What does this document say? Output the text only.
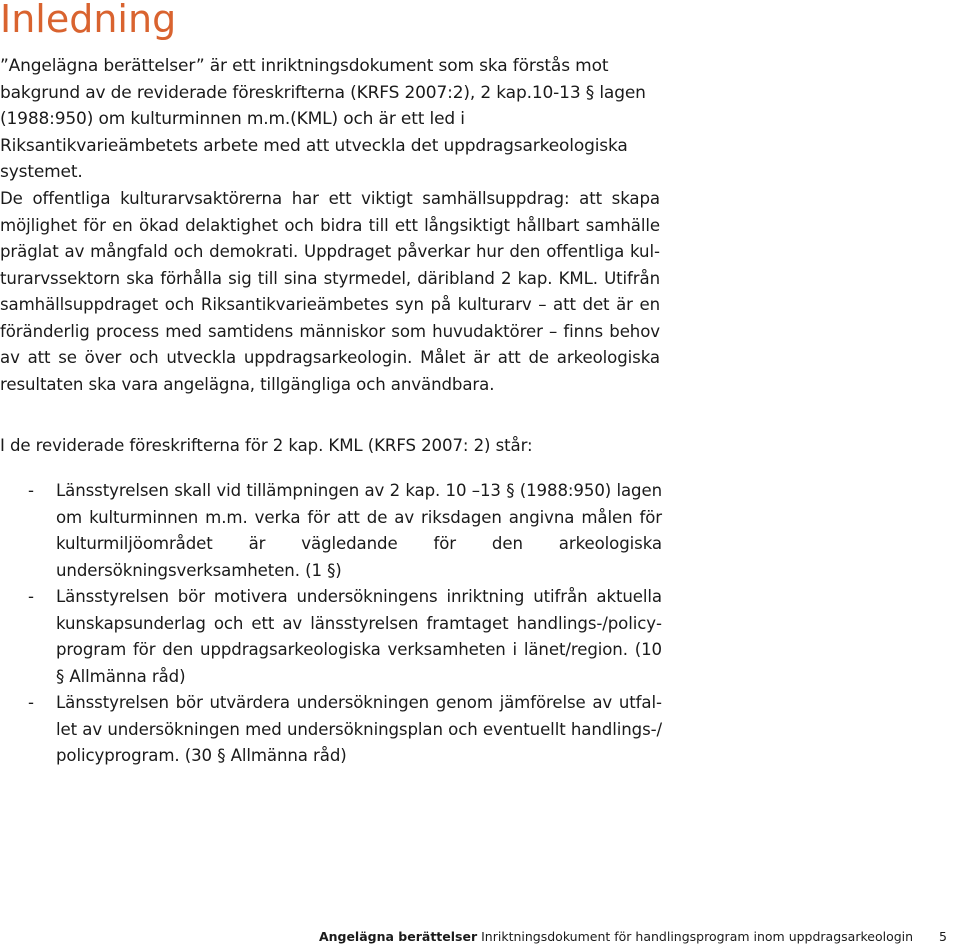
Inledning

”Angelägna berättelser” är ett inriktningsdokument som ska förstås mot bakgrund av de reviderade föreskrifterna (KRFS 2007:2), 2 kap.10-13 § lagen (1988:950) om kulturminnen m.m.(KML) och är ett led i Riksantikvarieämbetets arbete med att utveckla det uppdragsarkeologiska systemet.

De offentliga kulturarvsaktörerna har ett viktigt samhällsuppdrag: att skapa möjlighet för en ökad delaktighet och bidra till ett långsiktigt hållbart samhälle präglat av mångfald och demokrati. Uppdraget påverkar hur den offentliga kulturarvssektorn ska förhålla sig till sina styrmedel, däribland 2 kap. KML. Utifrån samhällsuppdraget och Riksantikvarieämbetes syn på kulturarv – att det är en föränderlig process med samtidens människor som huvudaktörer – finns behov av att se över och utveckla uppdragsarkeologin. Målet är att de arkeologiska resultaten ska vara angelägna, tillgängliga och användbara.

I de reviderade föreskrifterna för 2 kap. KML (KRFS 2007: 2) står:

- Länsstyrelsen skall vid tillämpningen av 2 kap. 10 –13 § (1988:950) lagen om kulturminnen m.m. verka för att de av riksdagen angivna målen för kulturmiljöområdet är vägledande för den arkeologiska undersökningsverksamheten. (1 §)
- Länsstyrelsen bör motivera undersökningens inriktning utifrån aktuella kunskapsunderlag och ett av länsstyrelsen framtaget handlings-/policyprogram för den uppdragsarkeologiska verksamheten i länet/region. (10 § Allmänna råd)
- Länsstyrelsen bör utvärdera undersökningen genom jämförelse av utfallet av undersökningen med undersökningsplan och eventuellt handlings-/ policyprogram. (30 § Allmänna råd)
Angelägna berättelser Inriktningsdokument för handlingsprogram inom uppdragsarkeologin 5
